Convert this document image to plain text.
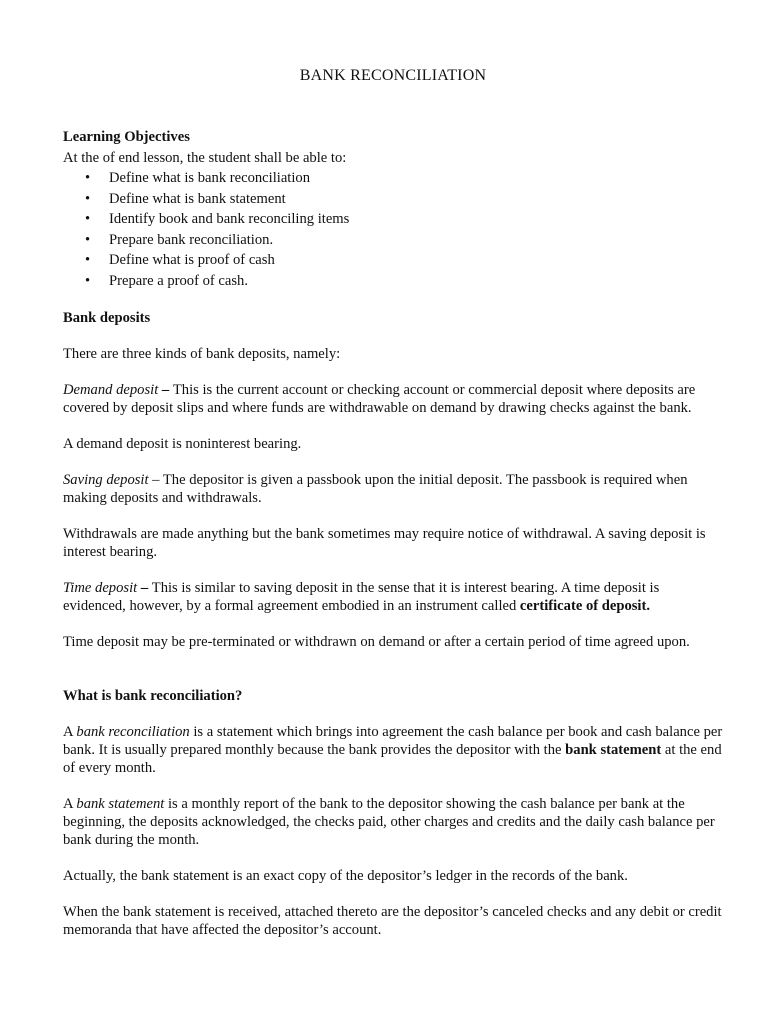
BANK RECONCILIATION

Learning Objectives

At the of end lesson, the student shall be able to:

• Define what is bank reconciliation
• Define what is bank statement
• Identify book and bank reconciling items
• Prepare bank reconciliation.
• Define what is proof of cash
• Prepare a proof of cash.

Bank deposits

There are three kinds of bank deposits, namely:

Demand deposit – This is the current account or checking account or commercial deposit where deposits are covered by deposit slips and where funds are withdrawable on demand by drawing checks against the bank.

A demand deposit is noninterest bearing.

Saving deposit – The depositor is given a passbook upon the initial deposit. The passbook is required when making deposits and withdrawals.

Withdrawals are made anything but the bank sometimes may require notice of withdrawal. A saving deposit is interest bearing.

Time deposit – This is similar to saving deposit in the sense that it is interest bearing. A time deposit is evidenced, however, by a formal agreement embodied in an instrument called certificate of deposit.

Time deposit may be pre-terminated or withdrawn on demand or after a certain period of time agreed upon.

What is bank reconciliation?

A bank reconciliation is a statement which brings into agreement the cash balance per book and cash balance per bank. It is usually prepared monthly because the bank provides the depositor with the bank statement at the end of every month.

A bank statement is a monthly report of the bank to the depositor showing the cash balance per bank at the beginning, the deposits acknowledged, the checks paid, other charges and credits and the daily cash balance per bank during the month.

Actually, the bank statement is an exact copy of the depositor’s ledger in the records of the bank.

When the bank statement is received, attached thereto are the depositor’s canceled checks and any debit or credit memoranda that have affected the depositor’s account.
